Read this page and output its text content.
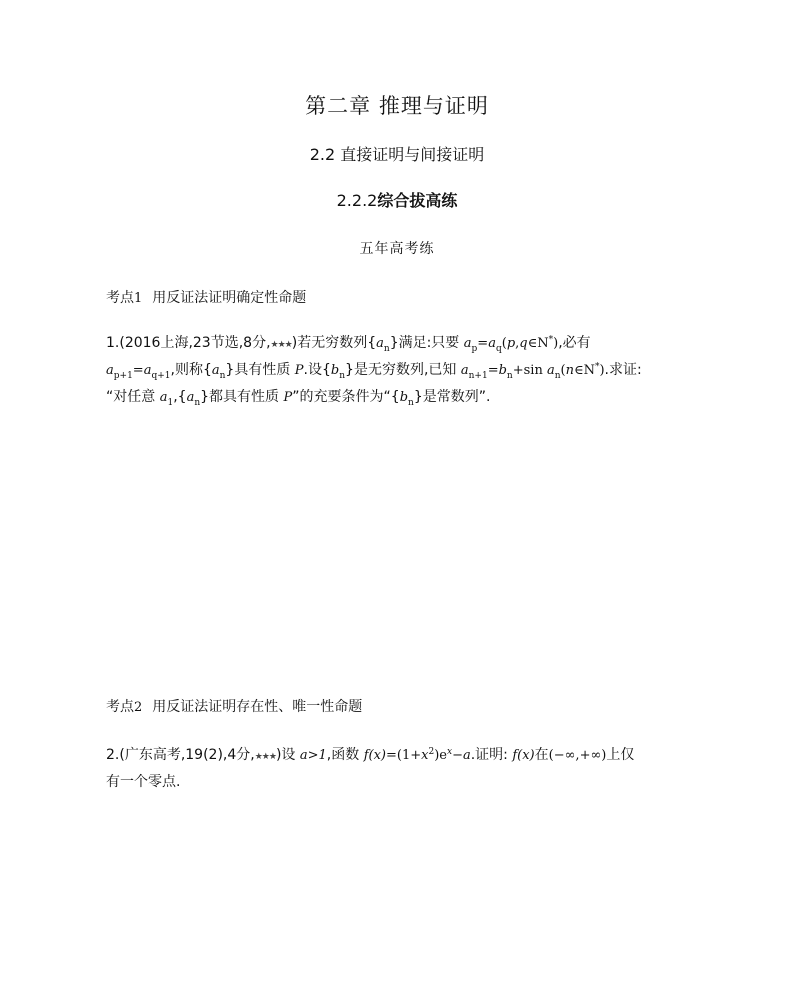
第二章 推理与证明
2.2 直接证明与间接证明
2.2.2综合拔高练
五年高考练
考点1 用反证法证明确定性命题
1.(2016上海,23节选,8分,★★★)若无穷数列$\{a_n\}$满足:只要 $a_p=a_q(p,q\in N^*)$,必有
$a_{p+1}=a_{q+1}$,则称$\{a_n\}$具有性质 P.设$\{b_n\}$是无穷数列,已知 $a_{n+1}=b_n+\sin$ $a_n(n\in N^*)$.求证:
“对任意 $a_1,\{a_n\}$都具有性质 P”的充要条件为“$\{b_n\}$是常数列”.
考点2 用反证法证明存在性、唯一性命题
2.(广东高考,19(2),4分,★★★)设 a>1,函数 $f(x)=(1+x^2)e^x-a$.证明: f(x)在(−∞,+∞)上仅
有一个零点.
